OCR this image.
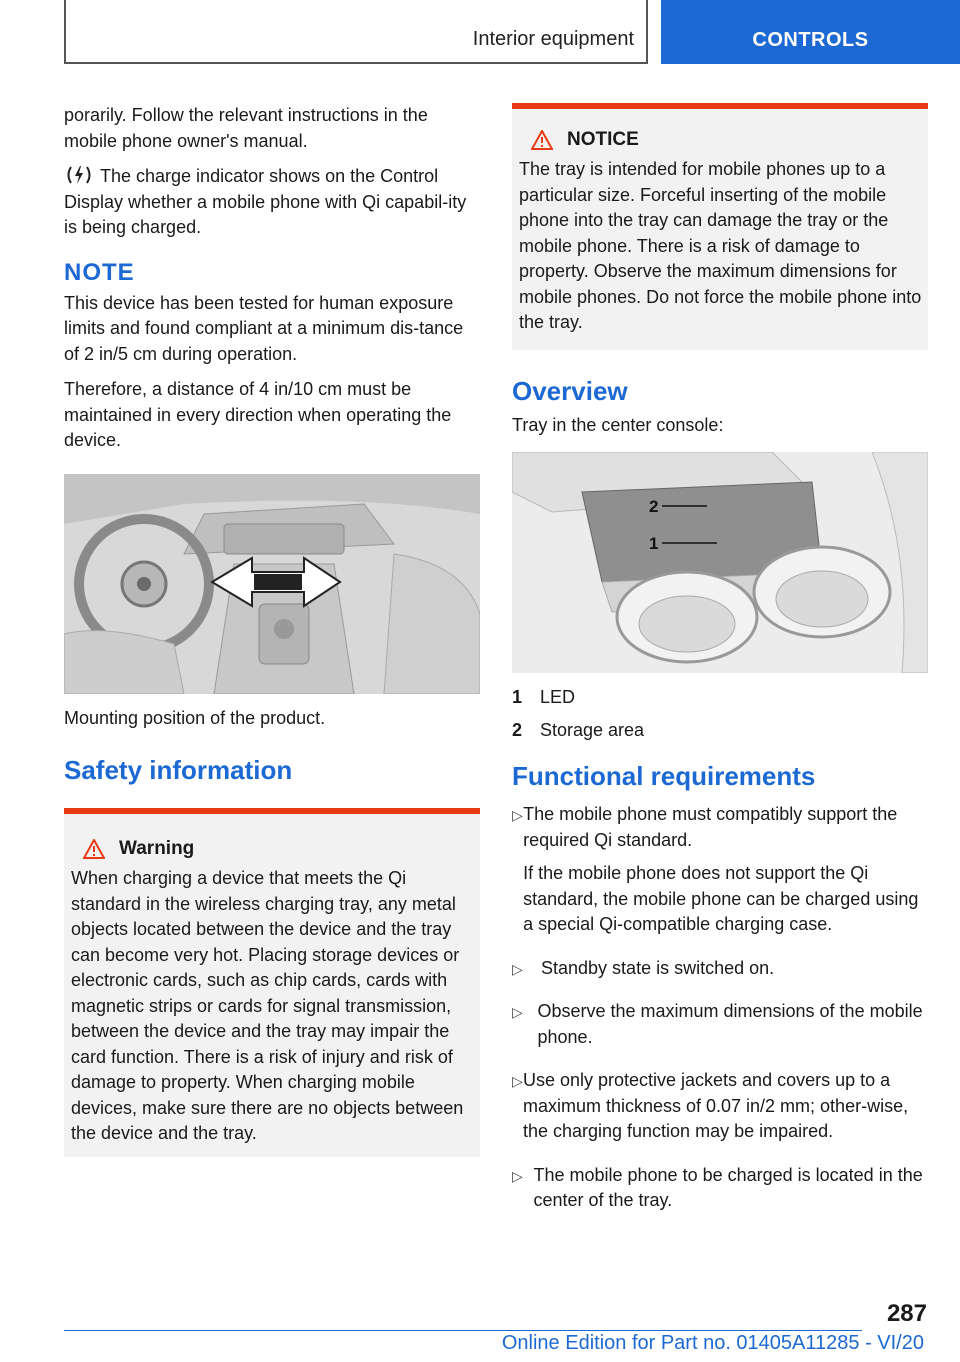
Interior equipment	CONTROLS

porarily. Follow the relevant instructions in the mobile phone owner's manual.

The charge indicator shows on the Control Display whether a mobile phone with Qi capabil-ity is being charged.

NOTE

This device has been tested for human exposure limits and found compliant at a minimum dis-tance of 2 in/5 cm during operation.

Therefore, a distance of 4 in/10 cm must be maintained in every direction when operating the device.

Mounting position of the product.

Safety information
Warning

When charging a device that meets the Qi standard in the wireless charging tray, any metal objects located between the device and the tray can become very hot. Placing storage devices or electronic cards, such as chip cards, cards with magnetic strips or cards for signal transmission, between the device and the tray may impair the card function. There is a risk of injury and risk of damage to property. When charging mobile devices, make sure there are no objects between the device and the tray.

NOTICE

The tray is intended for mobile phones up to a particular size. Forceful inserting of the mobile phone into the tray can damage the tray or the mobile phone. There is a risk of damage to property. Observe the maximum dimensions for mobile phones. Do not force the mobile phone into the tray.

Overview

Tray in the center console:

2
1
1 LED
2 Storage area
Functional requirements
▷ The mobile phone must compatibly support the required Qi standard.

If the mobile phone does not support the Qi standard, the mobile phone can be charged using a special Qi-compatible charging case.

▷	Standby state is switched on.

▷ Observe the maximum dimensions of the mobile phone.

▷ Use only protective jackets and covers up to a maximum thickness of 0.07 in/2 mm; other-wise, the charging function may be impaired.

▷ The mobile phone to be charged is located in the center of the tray.

287
Online Edition for Part no. 01405A11285 - VI/20
